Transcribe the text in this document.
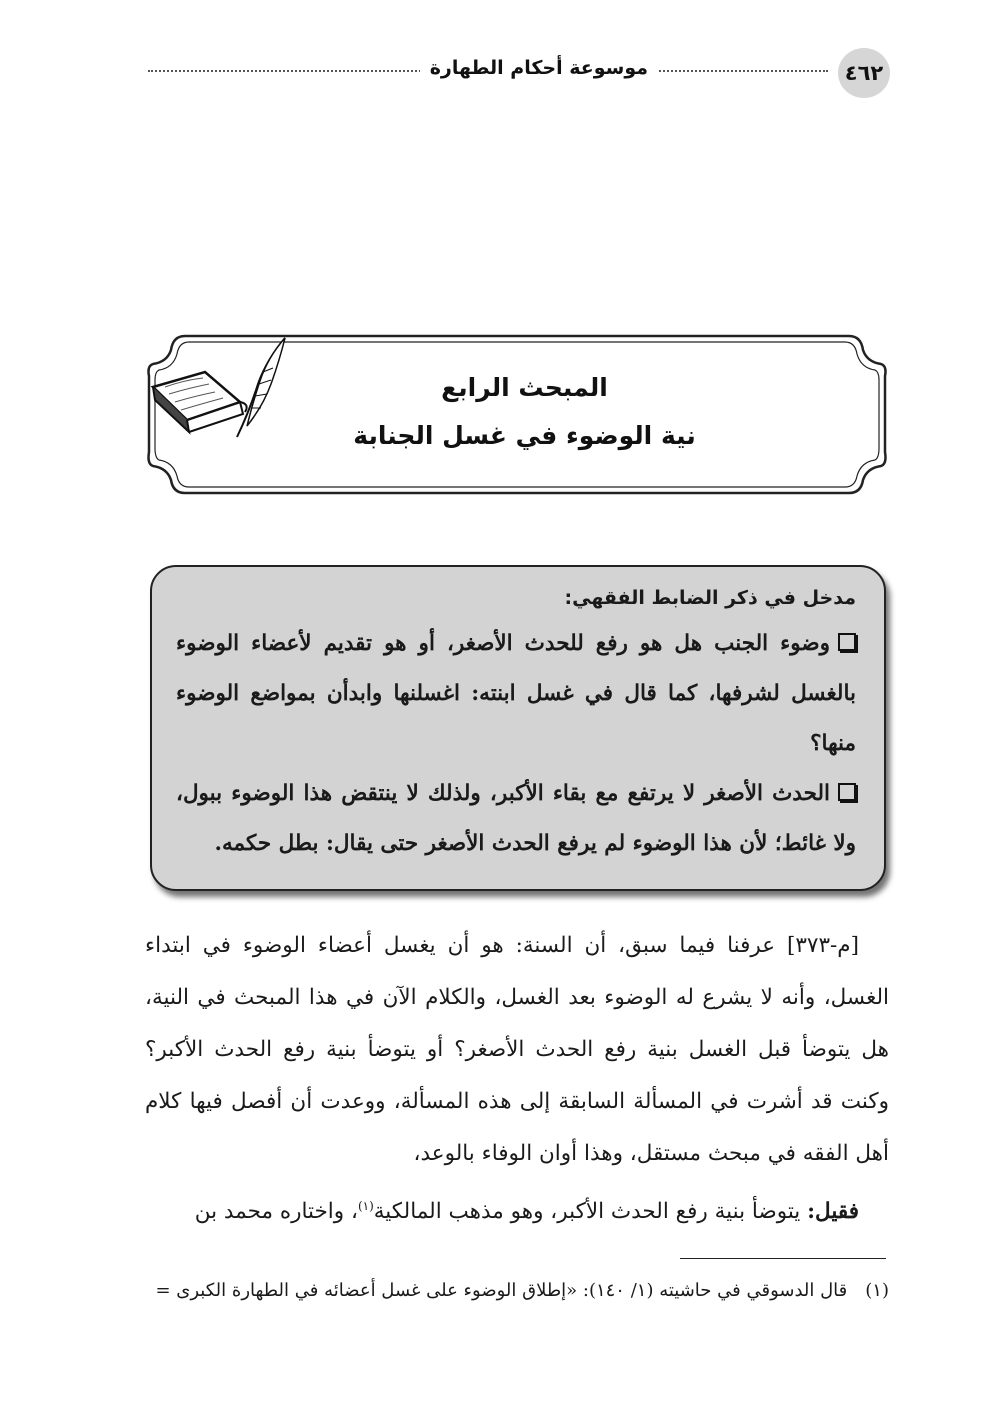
٤٦٢
موسوعة أحكام الطهارة
المبحث الرابع
نية الوضوء في غسل الجنابة
مدخل في ذكر الضابط الفقهي:
وضوء الجنب هل هو رفع للحدث الأصغر، أو هو تقديم لأعضاء الوضوء بالغسل لشرفها، كما قال في غسل ابنته: اغسلنها وابدأن بمواضع الوضوء منها؟
الحدث الأصغر لا يرتفع مع بقاء الأكبر، ولذلك لا ينتقض هذا الوضوء ببول، ولا غائط؛ لأن هذا الوضوء لم يرفع الحدث الأصغر حتى يقال: بطل حكمه.

[م-٣٧٣] عرفنا فيما سبق، أن السنة: هو أن يغسل أعضاء الوضوء في ابتداء الغسل، وأنه لا يشرع له الوضوء بعد الغسل، والكلام الآن في هذا المبحث في النية، هل يتوضأ قبل الغسل بنية رفع الحدث الأصغر؟ أو يتوضأ بنية رفع الحدث الأكبر؟ وكنت قد أشرت في المسألة السابقة إلى هذه المسألة، ووعدت أن أفصل فيها كلام أهل الفقه في مبحث مستقل، وهذا أوان الوفاء بالوعد،

فقيل: يتوضأ بنية رفع الحدث الأكبر، وهو مذهب المالكية$^{(١)}$، واختاره محمد بن

(١)قال الدسوقي في حاشيته (١/ ١٤٠): «إطلاق الوضوء على غسل أعضائه في الطهارة الكبرى =
